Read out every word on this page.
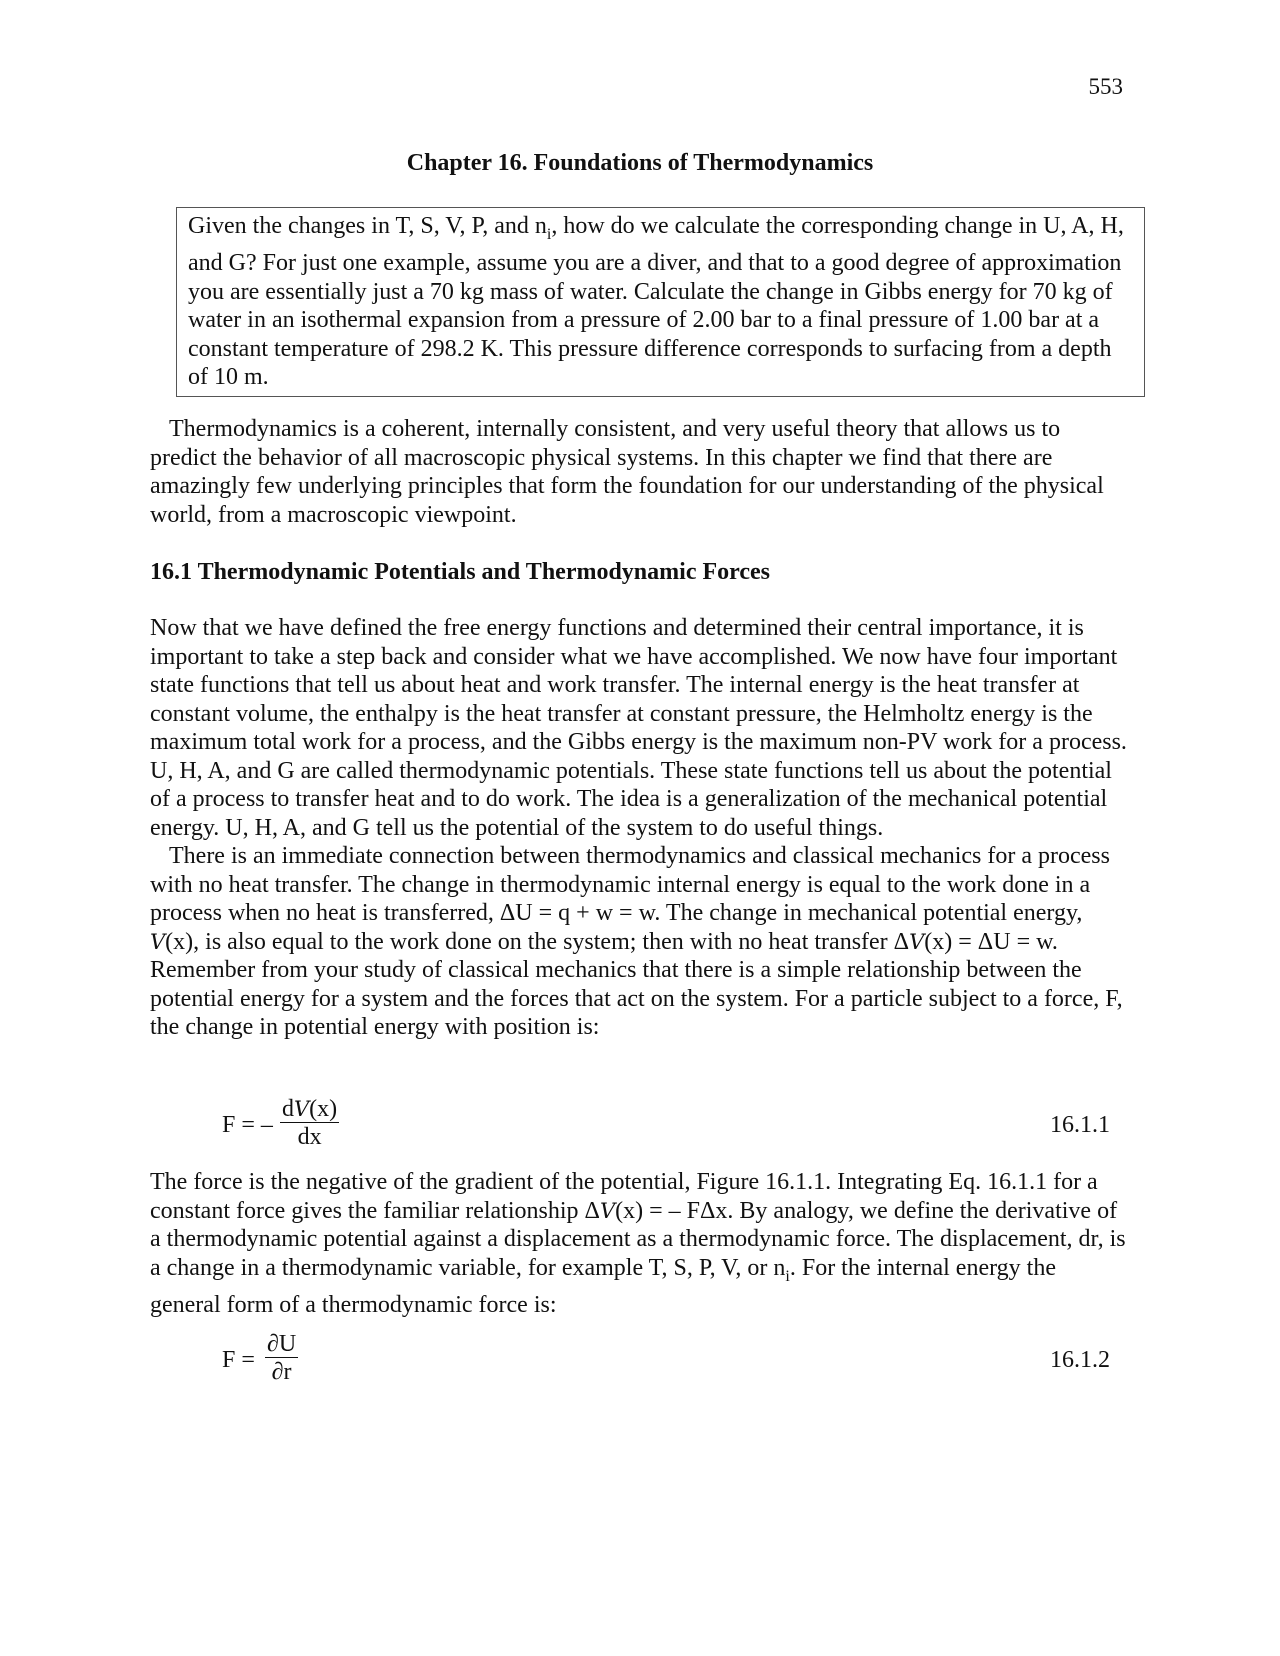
553
Chapter 16. Foundations of Thermodynamics
Given the changes in T, S, V, P, and $n_i$, how do we calculate the corresponding change in U, A, H, and G? For just one example, assume you are a diver, and that to a good degree of approximation you are essentially just a 70 kg mass of water. Calculate the change in Gibbs energy for 70 kg of water in an isothermal expansion from a pressure of 2.00 bar to a final pressure of 1.00 bar at a constant temperature of 298.2 K. This pressure difference corresponds to surfacing from a depth of 10 m.
Thermodynamics is a coherent, internally consistent, and very useful theory that allows us to predict the behavior of all macroscopic physical systems. In this chapter we find that there are amazingly few underlying principles that form the foundation for our understanding of the physical world, from a macroscopic viewpoint.
16.1 Thermodynamic Potentials and Thermodynamic Forces

Now that we have defined the free energy functions and determined their central importance, it is important to take a step back and consider what we have accomplished. We now have four important state functions that tell us about heat and work transfer. The internal energy is the heat transfer at constant volume, the enthalpy is the heat transfer at constant pressure, the Helmholtz energy is the maximum total work for a process, and the Gibbs energy is the maximum non-PV work for a process. U, H, A, and G are called thermodynamic potentials. These state functions tell us about the potential of a process to transfer heat and to do work. The idea is a generalization of the mechanical potential energy. U, H, A, and G tell us the potential of the system to do useful things.

There is an immediate connection between thermodynamics and classical mechanics for a process with no heat transfer. The change in thermodynamic internal energy is equal to the work done in a process when no heat is transferred, ΔU = q + w = w. The change in mechanical potential energy, V(x), is also equal to the work done on the system; then with no heat transfer ΔV(x) = ΔU = w. Remember from your study of classical mechanics that there is a simple relationship between the potential energy for a system and the forces that act on the system. For a particle subject to a force, F, the change in potential energy with position is:

F = – $\frac{dV(x)}{dx}$	16.1.1
The force is the negative of the gradient of the potential, Figure 16.1.1. Integrating Eq. 16.1.1 for a constant force gives the familiar relationship ΔV(x) = – FΔx. By analogy, we define the derivative of a thermodynamic potential against a displacement as a thermodynamic force. The displacement, dr, is a change in a thermodynamic variable, for example T, S, P, V, or $n_i$. For the internal energy the general form of a thermodynamic force is:
$F = \frac{\partial U}{\partial r}$	16.1.2
